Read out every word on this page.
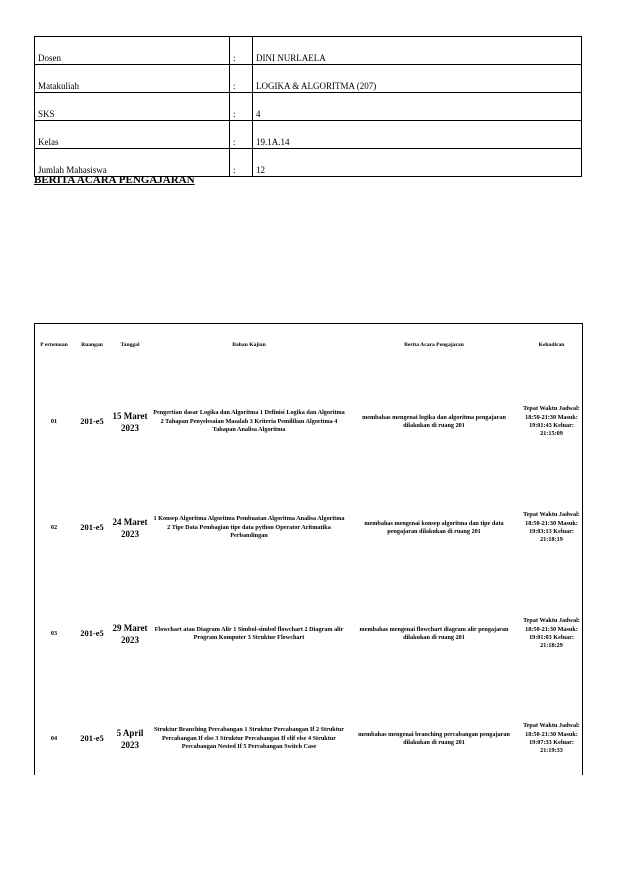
Dosen	:	DINI NURLAELA
Matakuliah	:	LOGIKA & ALGORITMA (207)
SKS	:	4
Kelas	:	19.1A.14
Jumlah Mahasiswa	:	12
BERITA ACARA PENGAJARAN
P ertemuan	Ruangan	Tanggal	Bahan Kajian	Berita Acara Pengajaran	Kehadiran
01	201-e5	15 Maret 2023	Pengertian dasar Logika dan Algoritma 1 Definisi Logika dan Algoritma 2 Tahapan Penyelesaian Masalah 3 Kriteria Pemilihan Algoritma 4 Tahapan Analisa Algoritma	membahas mengenai logika dan algoritma pengajaran dilakukan di ruang 201	Tepat Waktu Jadwal: 18:50-21:30 Masuk: 19:01:43 Keluar: 21:15:09
02	201-e5	24 Maret 2023	1 Konsep Algoritma Algoritma Pembuatan Algoritma Analisa Algoritma 2 Tipe Data Pembagian tipe data python Operator Aritmatika Perbandingan	membahas mengenai konsep algoritma dan tipe data pengajaran dilakukan di ruang 201	Tepat Waktu Jadwal: 18:50-21:30 Masuk: 19:03:13 Keluar: 21:18:19
03	201-e5	29 Maret 2023	Flowchart atau Diagram Alir 1 Simbol-simbol flowchart 2 Diagram alir Program Komputer 3 Struktur Flowchart	membahas mengenai flowchart diagram alir pengajaran dilakukan di ruang 201	Tepat Waktu Jadwal: 18:50-21:30 Masuk: 19:01:03 Keluar: 21:18:29
04	201-e5	5 April 2023	Struktur Branching Percabangan 1 Struktur Percabangan If 2 Struktur Percabangan If else 3 Struktur Percabangan If elif else 4 Struktur Percabangan Nested If 5 Percabangan Switch Case	membahas mengenai branching percabangan pengajaran dilakukan di ruang 201	Tepat Waktu Jadwal: 18:50-21:30 Masuk: 19:07:33 Keluar: 21:19:33
